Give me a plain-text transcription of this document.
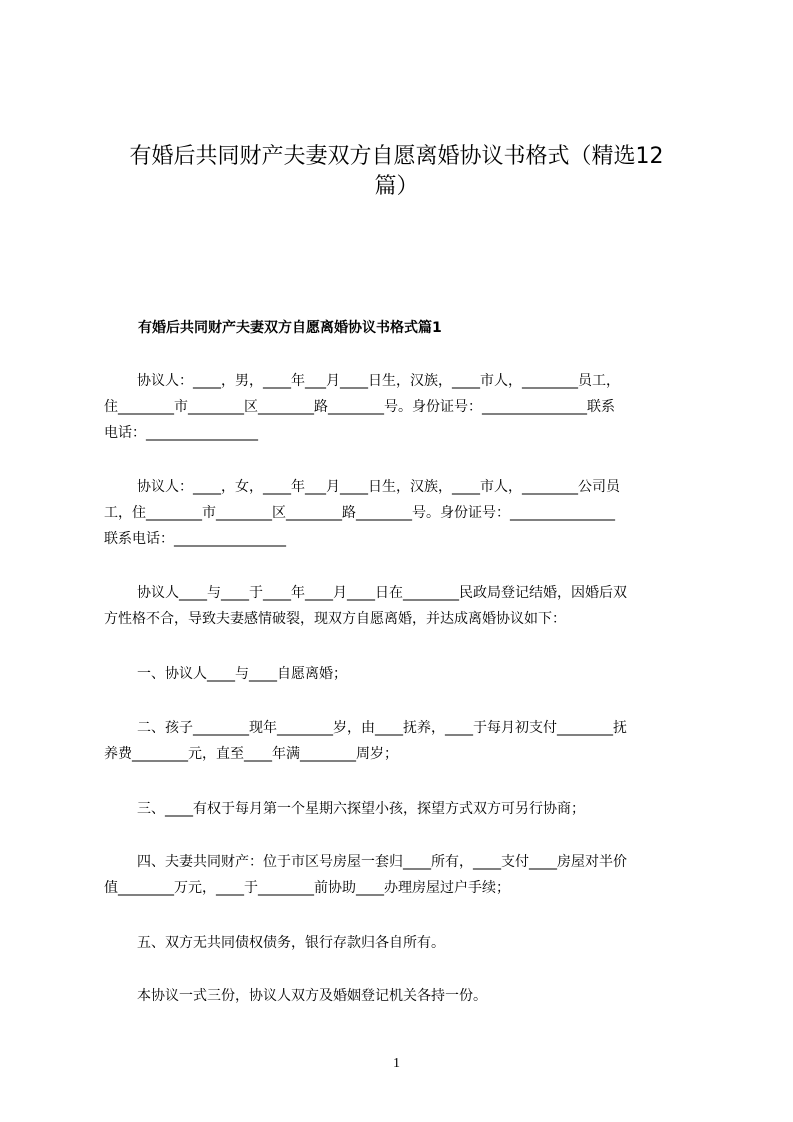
有婚后共同财产夫妻双方自愿离婚协议书格式（精选12
篇）
有婚后共同财产夫妻双方自愿离婚协议书格式篇1
协议人：____，男，____年___月____日生，汉族，____市人，________员工，
住________市________区________路________号。身份证号：_______________联系
电话：________________
协议人：____，女，____年___月____日生，汉族，____市人，________公司员
工，住________市________区________路________号。身份证号：_______________
联系电话：________________
协议人____与____于____年____月____日在________民政局登记结婚，因婚后双
方性格不合，导致夫妻感情破裂，现双方自愿离婚，并达成离婚协议如下：
一、协议人____与____自愿离婚；
二、孩子________现年________岁，由____抚养，____于每月初支付________抚
养费________元，直至____年满________周岁；
三、____有权于每月第一个星期六探望小孩，探望方式双方可另行协商；
四、夫妻共同财产：位于市区号房屋一套归____所有，____支付____房屋对半价
值________万元，____于________前协助____办理房屋过户手续；
五、双方无共同债权债务，银行存款归各自所有。
本协议一式三份，协议人双方及婚姻登记机关各持一份。
1
